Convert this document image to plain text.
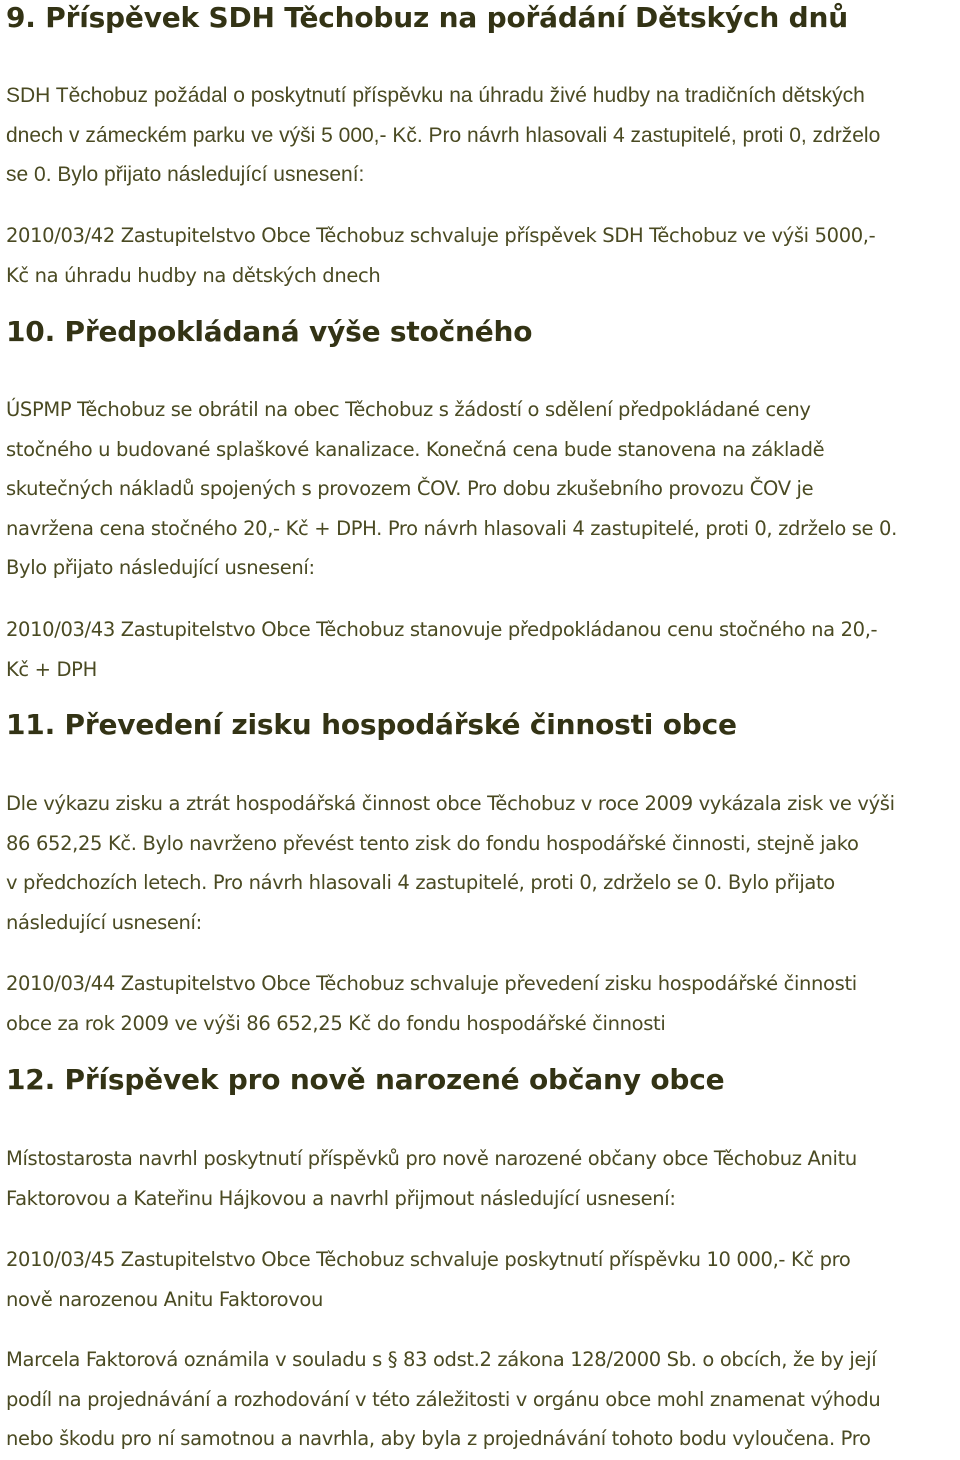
9. Příspěvek SDH Těchobuz na pořádání Dětských dnů
SDH Těchobuz požádal o poskytnutí příspěvku na úhradu živé hudby na tradičních dětských
dnech v zámeckém parku ve výši 5 000,- Kč. Pro návrh hlasovali 4 zastupitelé, proti 0, zdrželo
se 0. Bylo přijato následující usnesení:
2010/03/42 Zastupitelstvo Obce Těchobuz schvaluje příspěvek SDH Těchobuz ve výši 5000,-
Kč na úhradu hudby na dětských dnech
10. Předpokládaná výše stočného
ÚSPMP Těchobuz se obrátil na obec Těchobuz s žádostí o sdělení předpokládané ceny
stočného u budované splaškové kanalizace. Konečná cena bude stanovena na základě
skutečných nákladů spojených s provozem ČOV. Pro dobu zkušebního provozu ČOV je
navržena cena stočného 20,- Kč + DPH. Pro návrh hlasovali 4 zastupitelé, proti 0, zdrželo se 0.
Bylo přijato následující usnesení:
2010/03/43 Zastupitelstvo Obce Těchobuz stanovuje předpokládanou cenu stočného na 20,-
Kč + DPH
11. Převedení zisku hospodářské činnosti obce
Dle výkazu zisku a ztrát hospodářská činnost obce Těchobuz v roce 2009 vykázala zisk ve výši
86 652,25 Kč. Bylo navrženo převést tento zisk do fondu hospodářské činnosti, stejně jako
v předchozích letech. Pro návrh hlasovali 4 zastupitelé, proti 0, zdrželo se 0. Bylo přijato
následující usnesení:
2010/03/44 Zastupitelstvo Obce Těchobuz schvaluje převedení zisku hospodářské činnosti
obce za rok 2009 ve výši 86 652,25 Kč do fondu hospodářské činnosti
12. Příspěvek pro nově narozené občany obce
Místostarosta navrhl poskytnutí příspěvků pro nově narozené občany obce Těchobuz Anitu
Faktorovou a Kateřinu Hájkovou a navrhl přijmout následující usnesení:
2010/03/45 Zastupitelstvo Obce Těchobuz schvaluje poskytnutí příspěvku 10 000,- Kč pro
nově narozenou Anitu Faktorovou
Marcela Faktorová oznámila v souladu s § 83 odst.2 zákona 128/2000 Sb. o obcích, že by její
podíl na projednávání a rozhodování v této záležitosti v orgánu obce mohl znamenat výhodu
nebo škodu pro ní samotnou a navrhla, aby byla z projednávání tohoto bodu vyloučena. Pro
